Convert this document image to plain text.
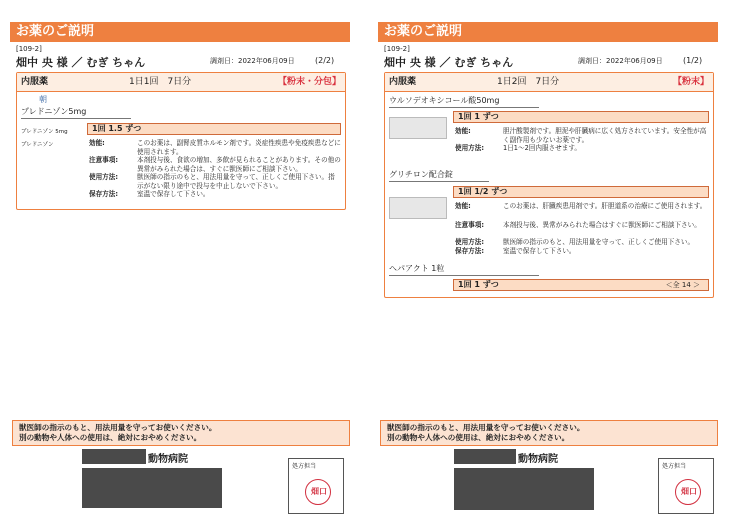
お薬のご説明
[109-2]
畑中 央 様 ／ むぎ ちゃん	調剤日：2022年06月09日	(2/2)
内服薬	1日1回　7日分	【粉末・分包】
朝
プレドニゾン5mg
プレドニゾン 5mg
プレドニゾン
1回 1.5 ずつ
効能:	このお薬は、副腎皮質ホルモン剤です。炎症性疾患や免疫疾患などに使用されます。
注意事項:	本剤投与後、食欲の増加、多飲が見られることがあります。その他の異常がみられた場合は、すぐに獣医師にご相談下さい。
使用方法:	獣医師の指示のもと、用法用量を守って、正しくご使用下さい。指示がない限り途中で投与を中止しないで下さい。
保存方法:	室温で保存して下さい。
獣医師の指示のもと、用法用量を守ってお使いください。
別の動物や人体への使用は、絶対におやめください。
動物病院
処方担当
畑口
お薬のご説明
[109-2]
畑中 央 様 ／ むぎ ちゃん	調剤日：2022年06月09日	(1/2)
内服薬	1日2回　7日分	【粉末】
ウルソデオキシコール酸50mg
1回 1 ずつ
効能:	胆汁酸製剤です。胆泥や肝臓病に広く処方されています。安全性が高く副作用も少ないお薬です。
使用方法:	1日1～2回内服させます。
グリチロン配合錠
1回 1/2 ずつ
効能:	このお薬は、肝臓疾患用剤です。肝胆道系の治療にご使用されます。
注意事項:	本剤投与後、異常がみられた場合はすぐに獣医師にご相談下さい。
使用方法:	獣医師の指示のもと、用法用量を守って、正しくご使用下さい。
保存方法:	室温で保存して下さい。
ヘパアクト 1粒
1回 1 ずつ	＜全 14 ＞
獣医師の指示のもと、用法用量を守ってお使いください。
別の動物や人体への使用は、絶対におやめください。
動物病院
処方担当
畑口
